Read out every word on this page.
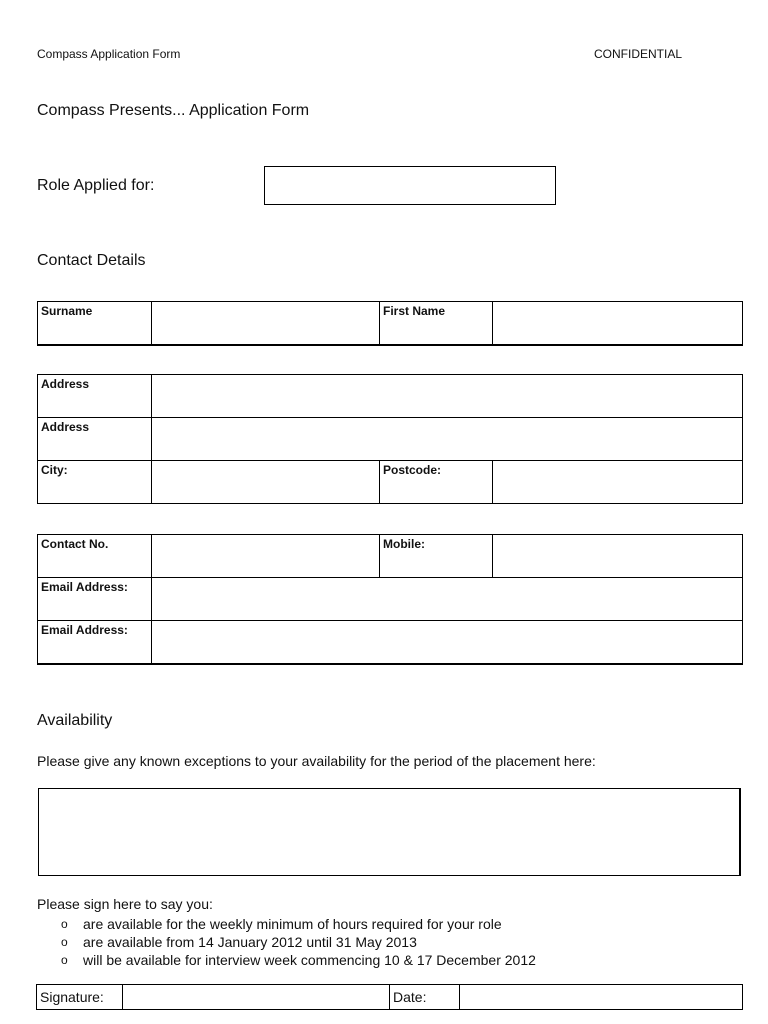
Compass Application Form	CONFIDENTIAL
Compass Presents... Application Form
Role Applied for:
Contact Details
Surname		First Name	
Address			
Address			
City:		Postcode:	
Contact No.		Mobile:	
Email Address:			
Email Address:			
Availability
Please give any known exceptions to your availability for the period of the placement here:
Please sign here to say you:
o are available for the weekly minimum of hours required for your role
o are available from 14 January 2012 until 31 May 2013
o will be available for interview week commencing 10 & 17 December 2012
Signature:		Date:	
